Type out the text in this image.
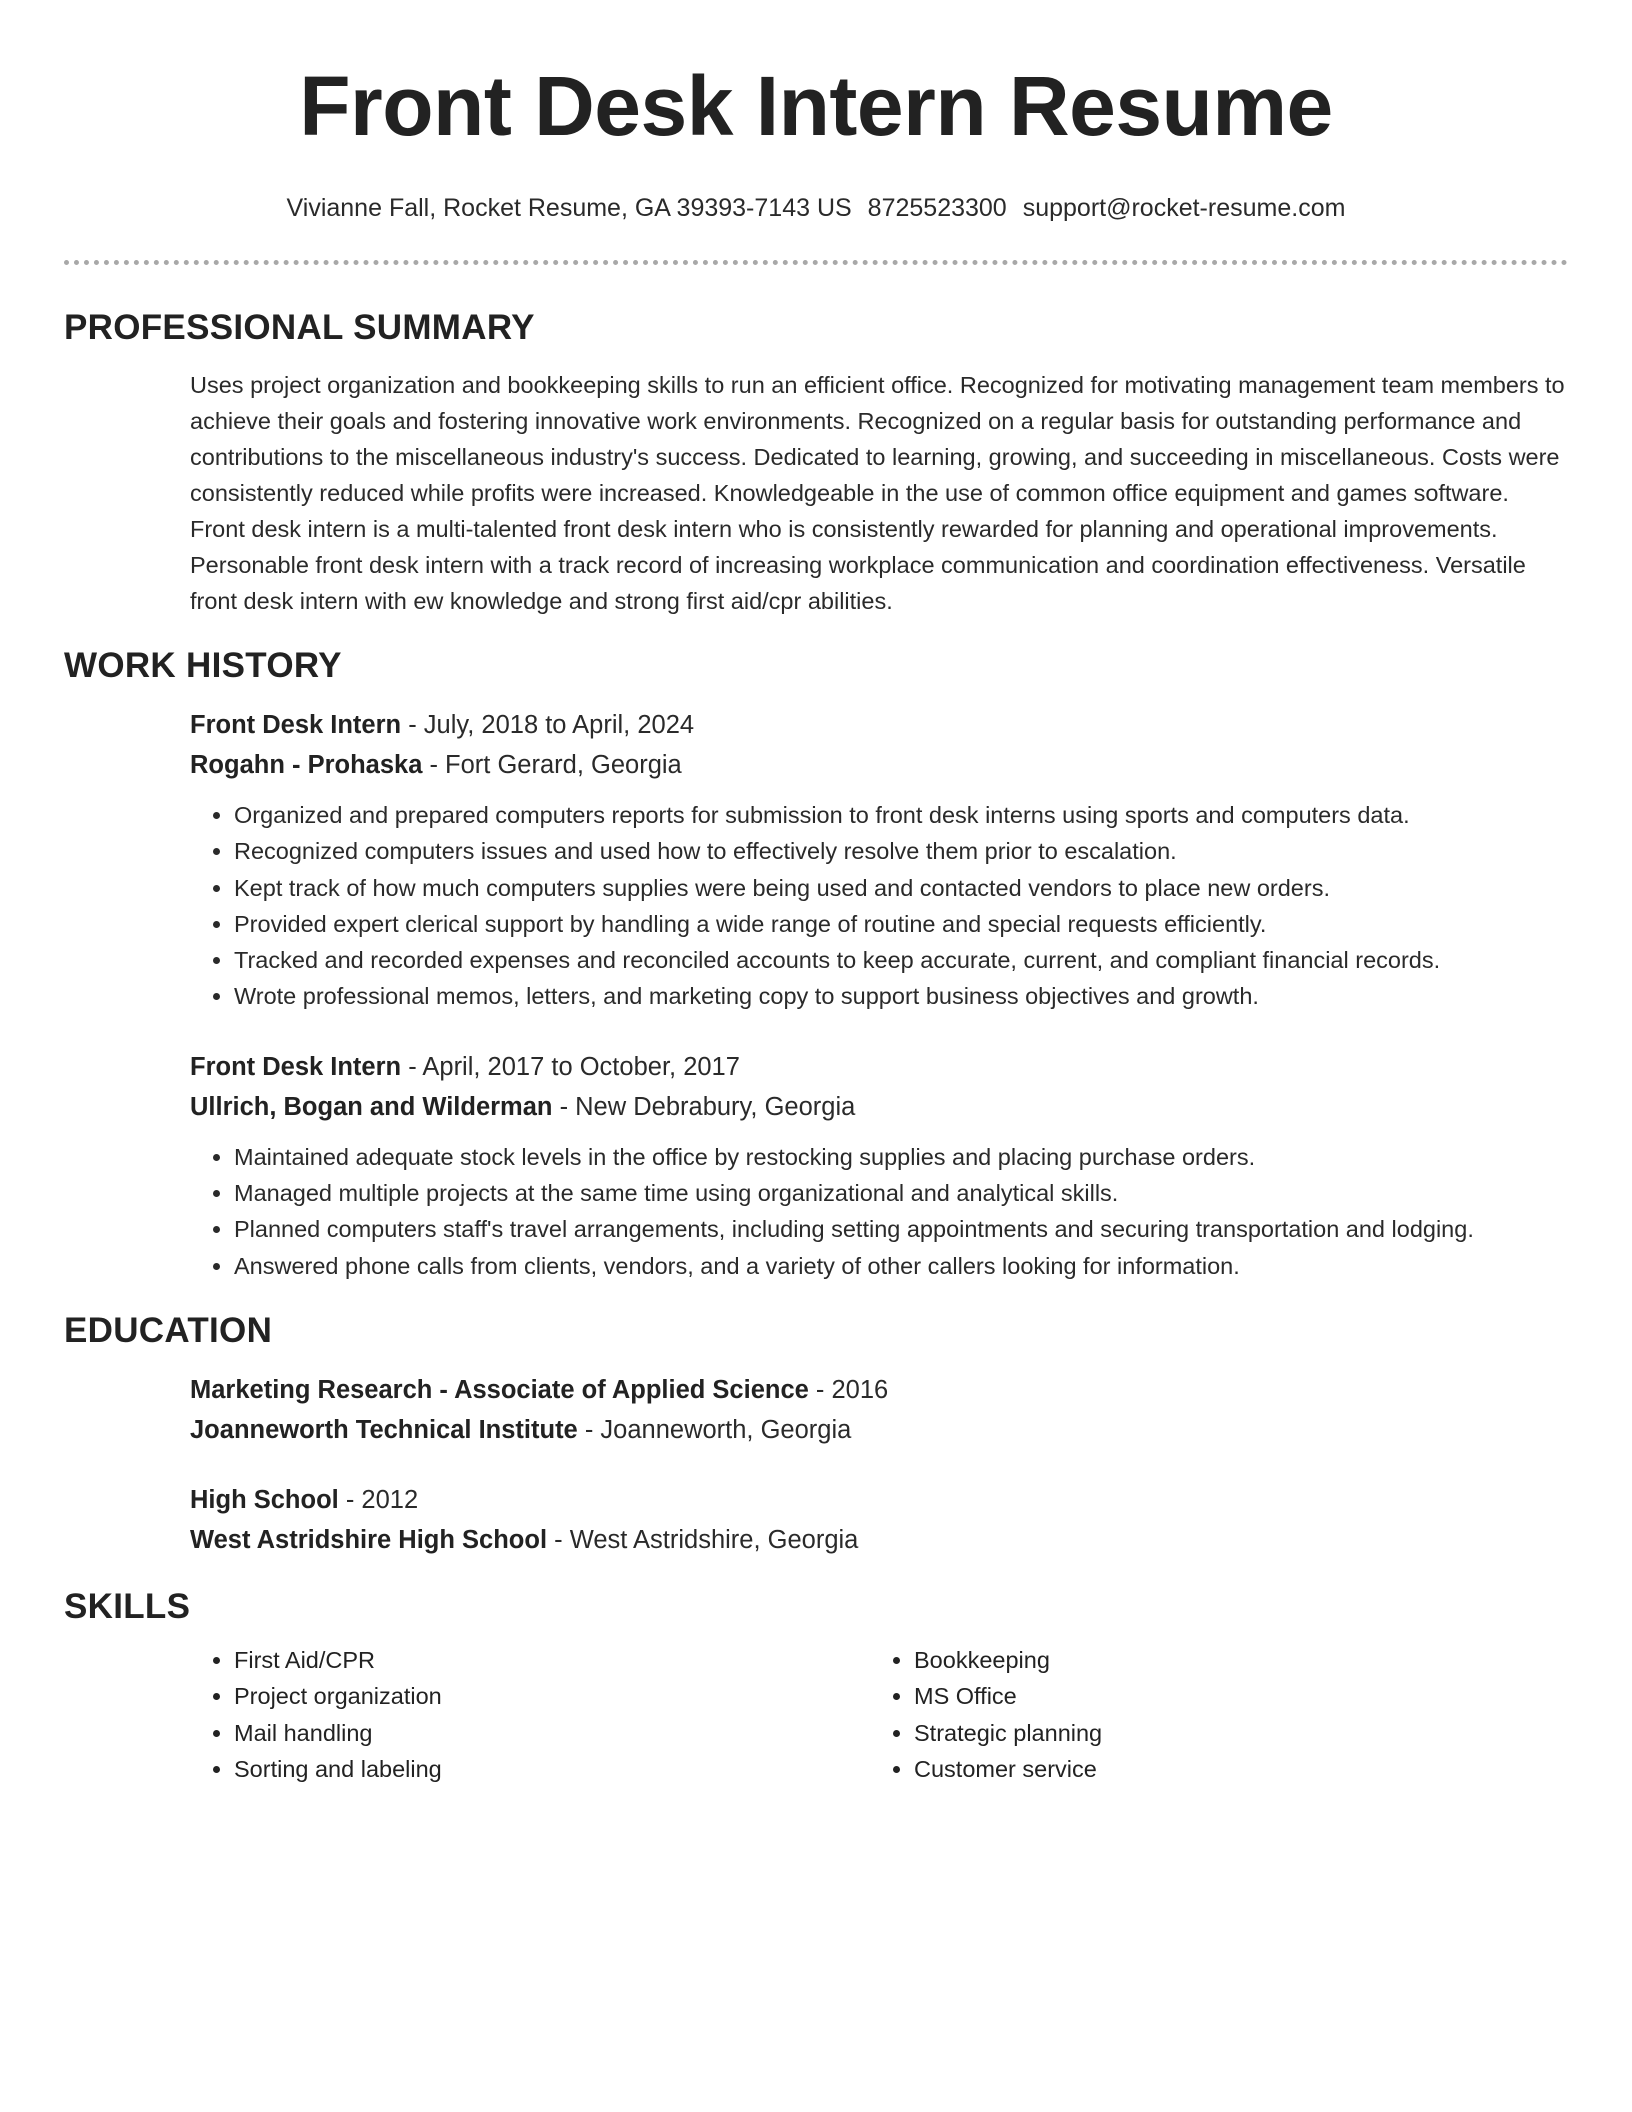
Front Desk Intern Resume
Vivianne Fall, Rocket Resume, GA 39393-7143 US 8725523300 support@rocket-resume.com
PROFESSIONAL SUMMARY

Uses project organization and bookkeeping skills to run an efficient office. Recognized for motivating management team members to achieve their goals and fostering innovative work environments. Recognized on a regular basis for outstanding performance and contributions to the miscellaneous industry's success. Dedicated to learning, growing, and succeeding in miscellaneous. Costs were consistently reduced while profits were increased. Knowledgeable in the use of common office equipment and games software. Front desk intern is a multi-talented front desk intern who is consistently rewarded for planning and operational improvements. Personable front desk intern with a track record of increasing workplace communication and coordination effectiveness. Versatile front desk intern with ew knowledge and strong first aid/cpr abilities.

WORK HISTORY
Front Desk Intern - July, 2018 to April, 2024
Rogahn - Prohaska - Fort Gerard, Georgia
• Organized and prepared computers reports for submission to front desk interns using sports and computers data.
• Recognized computers issues and used how to effectively resolve them prior to escalation.
• Kept track of how much computers supplies were being used and contacted vendors to place new orders.
• Provided expert clerical support by handling a wide range of routine and special requests efficiently.
• Tracked and recorded expenses and reconciled accounts to keep accurate, current, and compliant financial records.
• Wrote professional memos, letters, and marketing copy to support business objectives and growth.
Front Desk Intern - April, 2017 to October, 2017
Ullrich, Bogan and Wilderman - New Debrabury, Georgia
• Maintained adequate stock levels in the office by restocking supplies and placing purchase orders.
• Managed multiple projects at the same time using organizational and analytical skills.
• Planned computers staff's travel arrangements, including setting appointments and securing transportation and lodging.
• Answered phone calls from clients, vendors, and a variety of other callers looking for information.
EDUCATION
Marketing Research - Associate of Applied Science - 2016
Joanneworth Technical Institute - Joanneworth, Georgia
High School - 2012
West Astridshire High School - West Astridshire, Georgia
SKILLS
• First Aid/CPR
• Project organization
• Mail handling
• Sorting and labeling
• Bookkeeping
• MS Office
• Strategic planning
• Customer service
